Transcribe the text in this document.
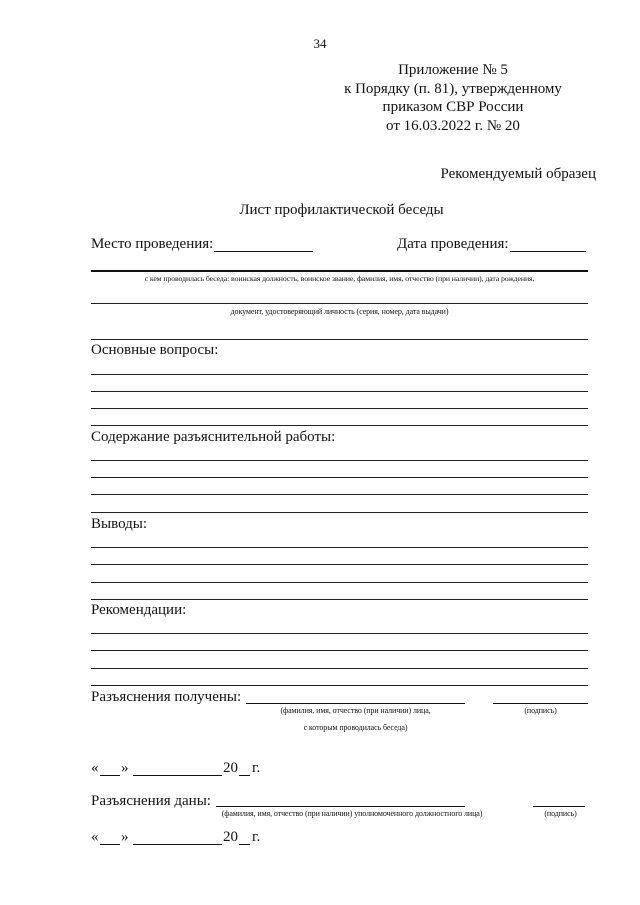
34
Приложение № 5
к Порядку (п. 81), утвержденному
приказом СВР России
от 16.03.2022 г. № 20
Рекомендуемый образец
Лист профилактической беседы
Место проведения:	Дата проведения:
с кем проводилась беседа: воинская должность, воинское звание, фамилия, имя, отчество (при наличии), дата рождения,
документ, удостоверяющий личность (серия, номер, дата выдачи)
Основные вопросы:
Содержание разъяснительной работы:
Выводы:
Рекомендации:
Разъяснения получены:
(фамилия, имя, отчество (при наличии) лица,	(подпись)
с которым проводилась беседа)
« »	20 г.
Разъяснения даны:
(фамилия, имя, отчество (при наличии) уполномоченного должностного лица)	(подпись)
« »	20 г.
